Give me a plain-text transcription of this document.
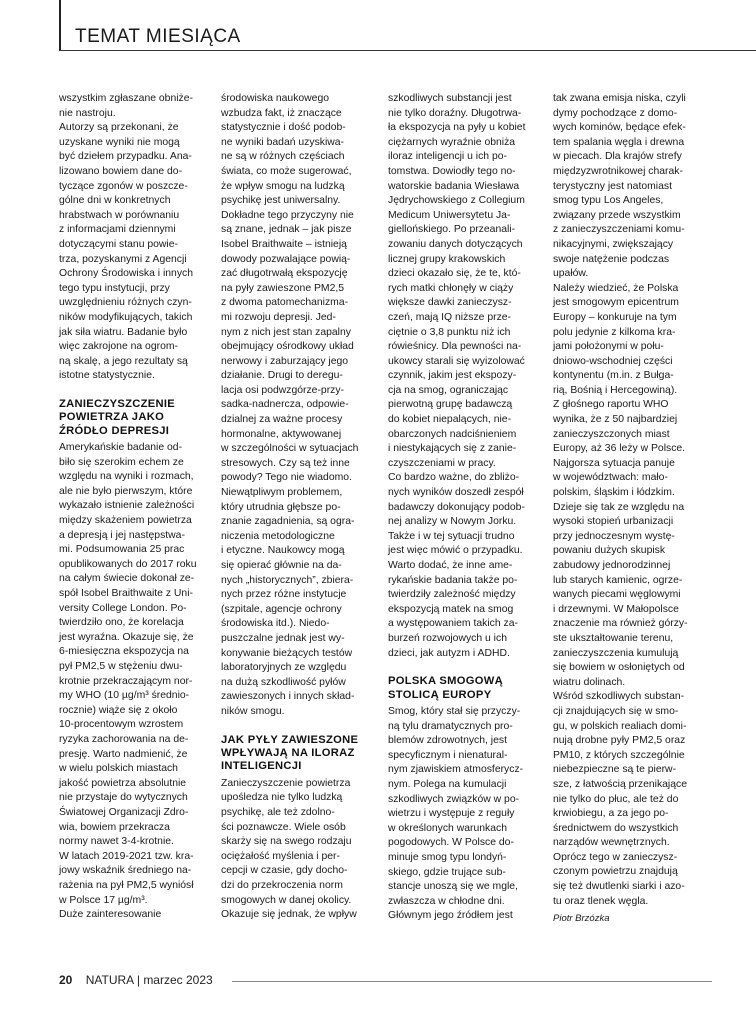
TEMAT MIESIĄCA

wszystkim zgłaszane obniże-
nie nastroju.
Autorzy są przekonani, że
uzyskane wyniki nie mogą
być dziełem przypadku. Ana-
lizowano bowiem dane do-
tyczące zgonów w poszcze-
gólne dni w konkretnych
hrabstwach w porównaniu
z informacjami dziennymi
dotyczącymi stanu powie-
trza, pozyskanymi z Agencji
Ochrony Środowiska i innych
tego typu instytucji, przy
uwzględnieniu różnych czyn-
ników modyfikujących, takich
jak siła wiatru. Badanie było
więc zakrojone na ogrom-
ną skalę, a jego rezultaty są
istotne statystycznie.

ZANIECZYSZCZENIE
POWIETRZA JAKO
ŹRÓDŁO DEPRESJI

Amerykańskie badanie od-
biło się szerokim echem ze
względu na wyniki i rozmach,
ale nie było pierwszym, które
wykazało istnienie zależności
między skażeniem powietrza
a depresją i jej następstwa-
mi. Podsumowania 25 prac
opublikowanych do 2017 roku
na całym świecie dokonał ze-
spół Isobel Braithwaite z Uni-
versity College London. Po-
twierdziło ono, że korelacja
jest wyraźna. Okazuje się, że
6-miesięczna ekspozycja na
pył PM2,5 w stężeniu dwu-
krotnie przekraczającym nor-
my WHO (10 µg/m³ średnio-
rocznie) wiąże się z około
10-procentowym wzrostem
ryzyka zachorowania na de-
presję. Warto nadmienić, że
w wielu polskich miastach
jakość powietrza absolutnie
nie przystaje do wytycznych
Światowej Organizacji Zdro-
wia, bowiem przekracza
normy nawet 3-4-krotnie.
W latach 2019-2021 tzw. kra-
jowy wskaźnik średniego na-
rażenia na pył PM2,5 wyniósł
w Polsce 17 µg/m³.
Duże zainteresowanie

środowiska naukowego
wzbudza fakt, iż znaczące
statystycznie i dość podob-
ne wyniki badań uzyskiwa-
ne są w różnych częściach
świata, co może sugerować,
że wpływ smogu na ludzką
psychikę jest uniwersalny.
Dokładne tego przyczyny nie
są znane, jednak – jak pisze
Isobel Braithwaite – istnieją
dowody pozwalające powią-
zać długotrwałą ekspozycję
na pyły zawieszone PM2,5
z dwoma patomechanizma-
mi rozwoju depresji. Jed-
nym z nich jest stan zapalny
obejmujący ośrodkowy układ
nerwowy i zaburzający jego
działanie. Drugi to deregu-
lacja osi podwzgórze-przy-
sadka-nadnercza, odpowie-
dzialnej za ważne procesy
hormonalne, aktywowanej
w szczególności w sytuacjach
stresowych. Czy są też inne
powody? Tego nie wiadomo.
Niewątpliwym problemem,
który utrudnia głębsze po-
znanie zagadnienia, są ogra-
niczenia metodologiczne
i etyczne. Naukowcy mogą
się opierać głównie na da-
nych „historycznych”, zbiera-
nych przez różne instytucje
(szpitale, agencje ochrony
środowiska itd.). Niedo-
puszczalne jednak jest wy-
konywanie bieżących testów
laboratoryjnych ze względu
na dużą szkodliwość pyłów
zawieszonych i innych skład-
ników smogu.

JAK PYŁY ZAWIESZONE
WPŁYWAJĄ NA ILORAZ
INTELIGENCJI

Zanieczyszczenie powietrza
upośledza nie tylko ludzką
psychikę, ale też zdolno-
ści poznawcze. Wiele osób
skarży się na swego rodzaju
ociężałość myślenia i per-
cepcji w czasie, gdy docho-
dzi do przekroczenia norm
smogowych w danej okolicy.
Okazuje się jednak, że wpływ

szkodliwych substancji jest
nie tylko doraźny. Długotrwa-
ła ekspozycja na pyły u kobiet
ciężarnych wyraźnie obniża
iloraz inteligencji u ich po-
tomstwa. Dowiodły tego no-
watorskie badania Wiesława
Jędrychowskiego z Collegium
Medicum Uniwersytetu Ja-
giellońskiego. Po przeanali-
zowaniu danych dotyczących
licznej grupy krakowskich
dzieci okazało się, że te, któ-
rych matki chłonęły w ciąży
większe dawki zanieczysz-
czeń, mają IQ niższe prze-
ciętnie o 3,8 punktu niż ich
rówieśnicy. Dla pewności na-
ukowcy starali się wyizolować
czynnik, jakim jest ekspozy-
cja na smog, ograniczając
pierwotną grupę badawczą
do kobiet niepalących, nie-
obarczonych nadciśnieniem
i niestykających się z zanie-
czyszczeniami w pracy.
Co bardzo ważne, do zbliżo-
nych wyników doszedł zespół
badawczy dokonujący podob-
nej analizy w Nowym Jorku.
Także i w tej sytuacji trudno
jest więc mówić o przypadku.
Warto dodać, że inne ame-
rykańskie badania także po-
twierdziły zależność między
ekspozycją matek na smog
a występowaniem takich za-
burzeń rozwojowych u ich
dzieci, jak autyzm i ADHD.

POLSKA SMOGOWĄ
STOLICĄ EUROPY

Smog, który stał się przyczy-
ną tylu dramatycznych pro-
blemów zdrowotnych, jest
specyficznym i nienatural-
nym zjawiskiem atmosferycz-
nym. Polega na kumulacji
szkodliwych związków w po-
wietrzu i występuje z reguły
w określonych warunkach
pogodowych. W Polsce do-
minuje smog typu londyń-
skiego, gdzie trujące sub-
stancje unoszą się we mgle,
zwłaszcza w chłodne dni.
Głównym jego źródłem jest

tak zwana emisja niska, czyli
dymy pochodzące z domo-
wych kominów, będące efek-
tem spalania węgla i drewna
w piecach. Dla krajów strefy
międzyzwrotnikowej charak-
terystyczny jest natomiast
smog typu Los Angeles,
związany przede wszystkim
z zanieczyszczeniami komu-
nikacyjnymi, zwiększający
swoje natężenie podczas
upałów.
Należy wiedzieć, że Polska
jest smogowym epicentrum
Europy – konkuruje na tym
polu jedynie z kilkoma kra-
jami położonymi w połu-
dniowo-wschodniej części
kontynentu (m.in. z Bułga-
rią, Bośnią i Hercegowiną).
Z głośnego raportu WHO
wynika, że z 50 najbardziej
zanieczyszczonych miast
Europy, aż 36 leży w Polsce.
Najgorsza sytuacja panuje
w województwach: mało-
polskim, śląskim i łódzkim.
Dzieje się tak ze względu na
wysoki stopień urbanizacji
przy jednoczesnym wystę-
powaniu dużych skupisk
zabudowy jednorodzinnej
lub starych kamienic, ogrze-
wanych piecami węglowymi
i drzewnymi. W Małopolsce
znaczenie ma również górzy-
ste ukształtowanie terenu,
zanieczyszczenia kumulują
się bowiem w osłoniętych od
wiatru dolinach.
Wśród szkodliwych substan-
cji znajdujących się w smo-
gu, w polskich realiach domi-
nują drobne pyły PM2,5 oraz
PM10, z których szczególnie
niebezpieczne są te pierw-
sze, z łatwością przenikające
nie tylko do płuc, ale też do
krwiobiegu, a za jego po-
średnictwem do wszystkich
narządów wewnętrznych.
Oprócz tego w zanieczysz-
czonym powietrzu znajdują
się też dwutlenki siarki i azo-
tu oraz tlenek węgla.

Piotr Brzózka
20 NATURA | marzec 2023
